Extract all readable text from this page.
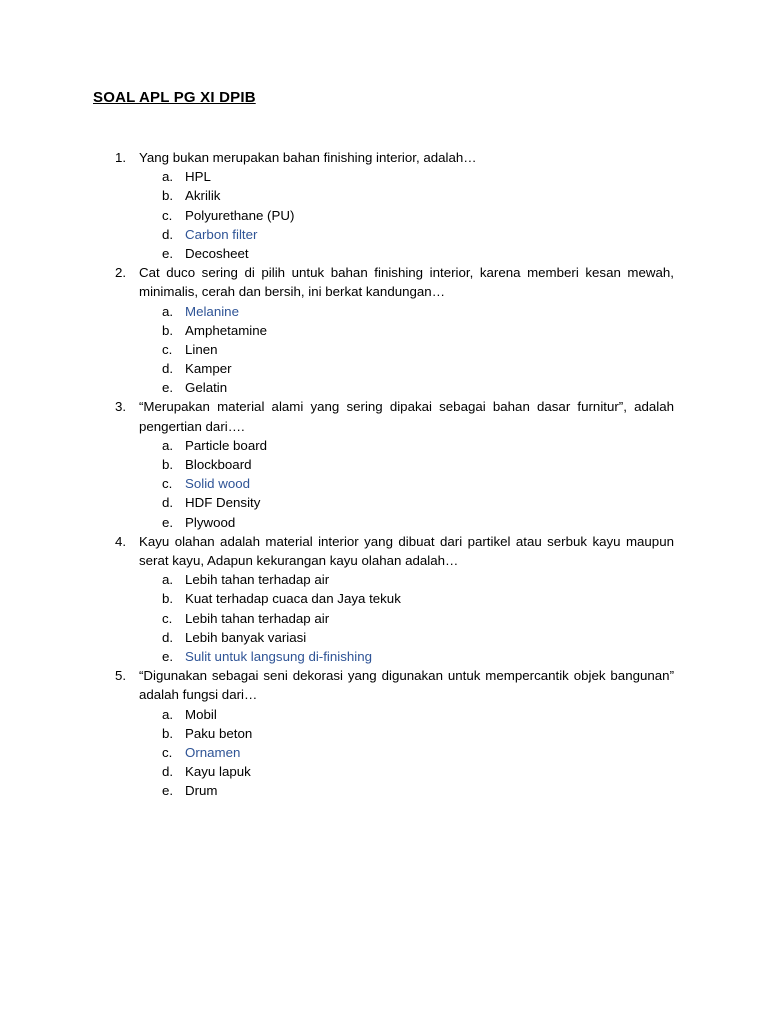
SOAL APL PG XI DPIB
1. Yang bukan merupakan bahan finishing interior, adalah…
a. HPL
b. Akrilik
c. Polyurethane (PU)
d. Carbon filter
e. Decosheet
2. Cat duco sering di pilih untuk bahan finishing interior, karena memberi kesan mewah, minimalis, cerah dan bersih, ini berkat kandungan…
a. Melanine
b. Amphetamine
c. Linen
d. Kamper
e. Gelatin
3. “Merupakan material alami yang sering dipakai sebagai bahan dasar furnitur”, adalah pengertian dari….
a. Particle board
b. Blockboard
c. Solid wood
d. HDF Density
e. Plywood
4. Kayu olahan adalah material interior yang dibuat dari partikel atau serbuk kayu maupun serat kayu, Adapun kekurangan kayu olahan adalah…
a. Lebih tahan terhadap air
b. Kuat terhadap cuaca dan Jaya tekuk
c. Lebih tahan terhadap air
d. Lebih banyak variasi
e. Sulit untuk langsung di-finishing
5. “Digunakan sebagai seni dekorasi yang digunakan untuk mempercantik objek bangunan” adalah fungsi dari…
a. Mobil
b. Paku beton
c. Ornamen
d. Kayu lapuk
e. Drum
